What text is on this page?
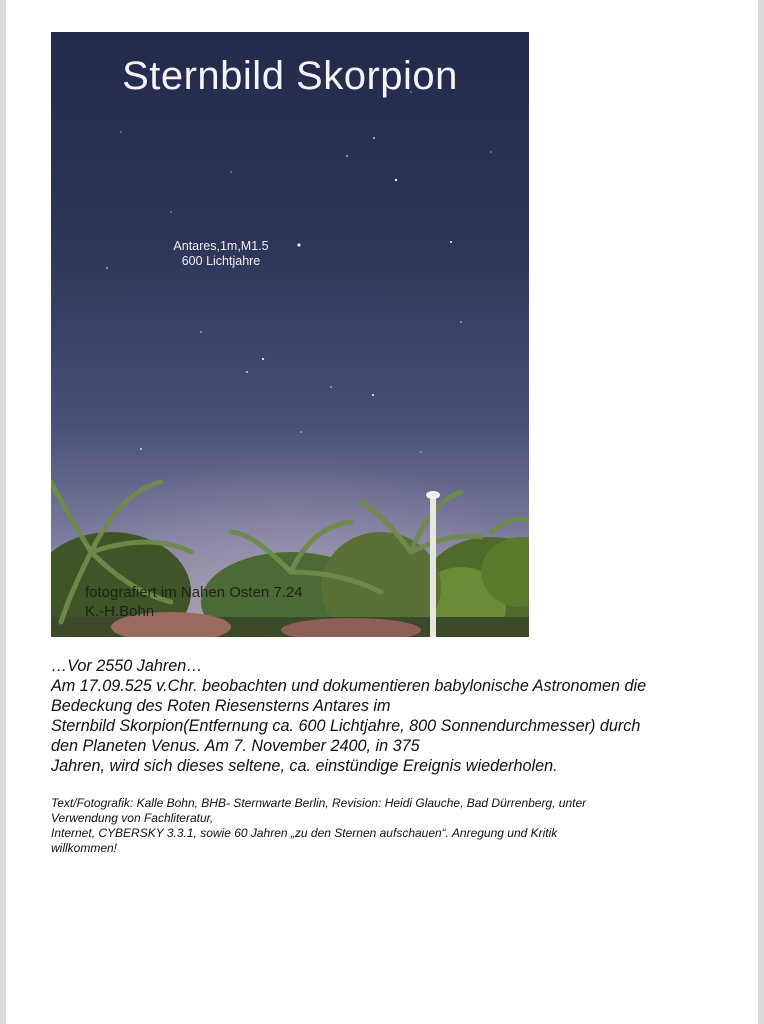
Sternbild Skorpion
Antares,1m,M1.5
600 Lichtjahre
fotografiert im Nahen Osten 7.24
K.-H.Bohn
…Vor 2550 Jahren…
Am 17.09.525 v.Chr. beobachten und dokumentieren babylonische Astronomen die
Bedeckung des Roten Riesensterns Antares im
Sternbild Skorpion(Entfernung ca. 600 Lichtjahre, 800 Sonnendurchmesser) durch
den Planeten Venus. Am 7. November 2400, in 375
Jahren, wird sich dieses seltene, ca. einstündige Ereignis wiederholen.
Text/Fotografik: Kalle Bohn, BHB- Sternwarte Berlin, Revision: Heidi Glauche, Bad Dürrenberg, unter
Verwendung von Fachliteratur,
Internet, CYBERSKY 3.3.1, sowie 60 Jahren „zu den Sternen aufschauen“. Anregung und Kritik
willkommen!
